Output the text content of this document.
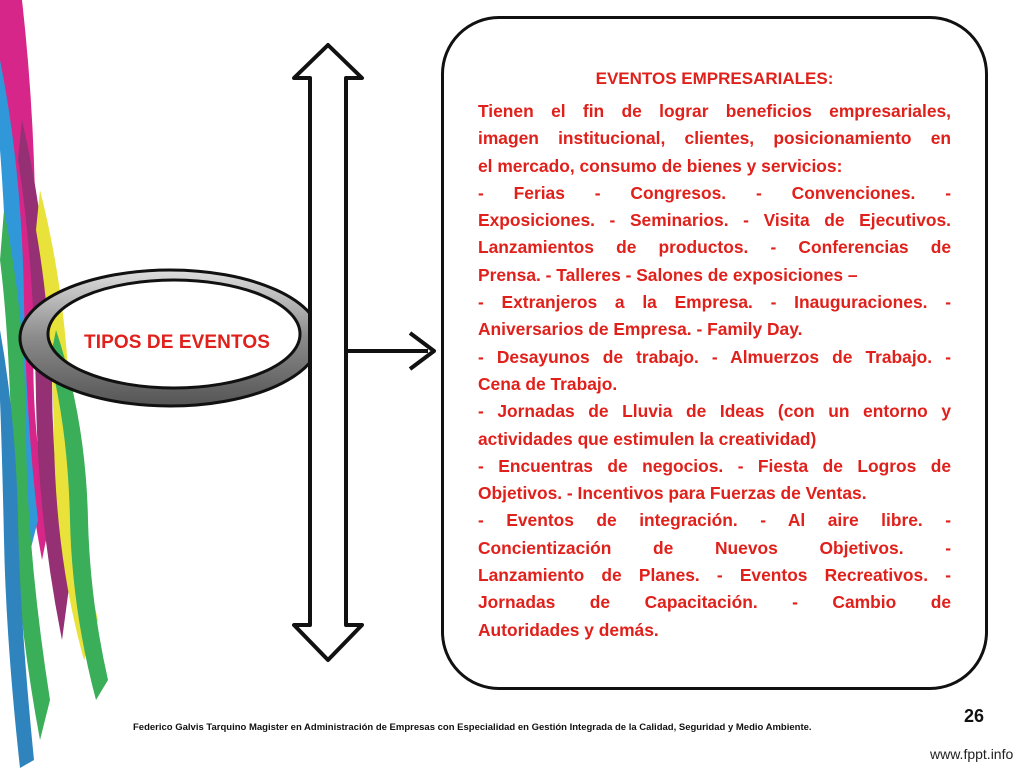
TIPOS DE EVENTOS
EVENTOS EMPRESARIALES:
Tienen el fin de lograr beneficios empresariales,
imagen institucional, clientes, posicionamiento en
el mercado, consumo de bienes y servicios:
- Ferias - Congresos. - Convenciones. -
Exposiciones. - Seminarios. - Visita de Ejecutivos.
Lanzamientos de productos. - Conferencias de
Prensa. - Talleres - Salones de exposiciones –
- Extranjeros a la Empresa. - Inauguraciones. -
Aniversarios de Empresa. - Family Day.
- Desayunos de trabajo. - Almuerzos de Trabajo. -
Cena de Trabajo.
- Jornadas de Lluvia de Ideas (con un entorno y
actividades que estimulen la creatividad)
- Encuentras de negocios. - Fiesta de Logros de
Objetivos. - Incentivos para Fuerzas de Ventas.
- Eventos de integración. - Al aire libre. -
Concientización de Nuevos Objetivos. -
Lanzamiento de Planes. - Eventos Recreativos. -
Jornadas de Capacitación. - Cambio de
Autoridades y demás.
Federico Galvis Tarquino Magister en Administración de Empresas con Especialidad en Gestión Integrada de la Calidad, Seguridad y Medio Ambiente.
26
www.fppt.info
